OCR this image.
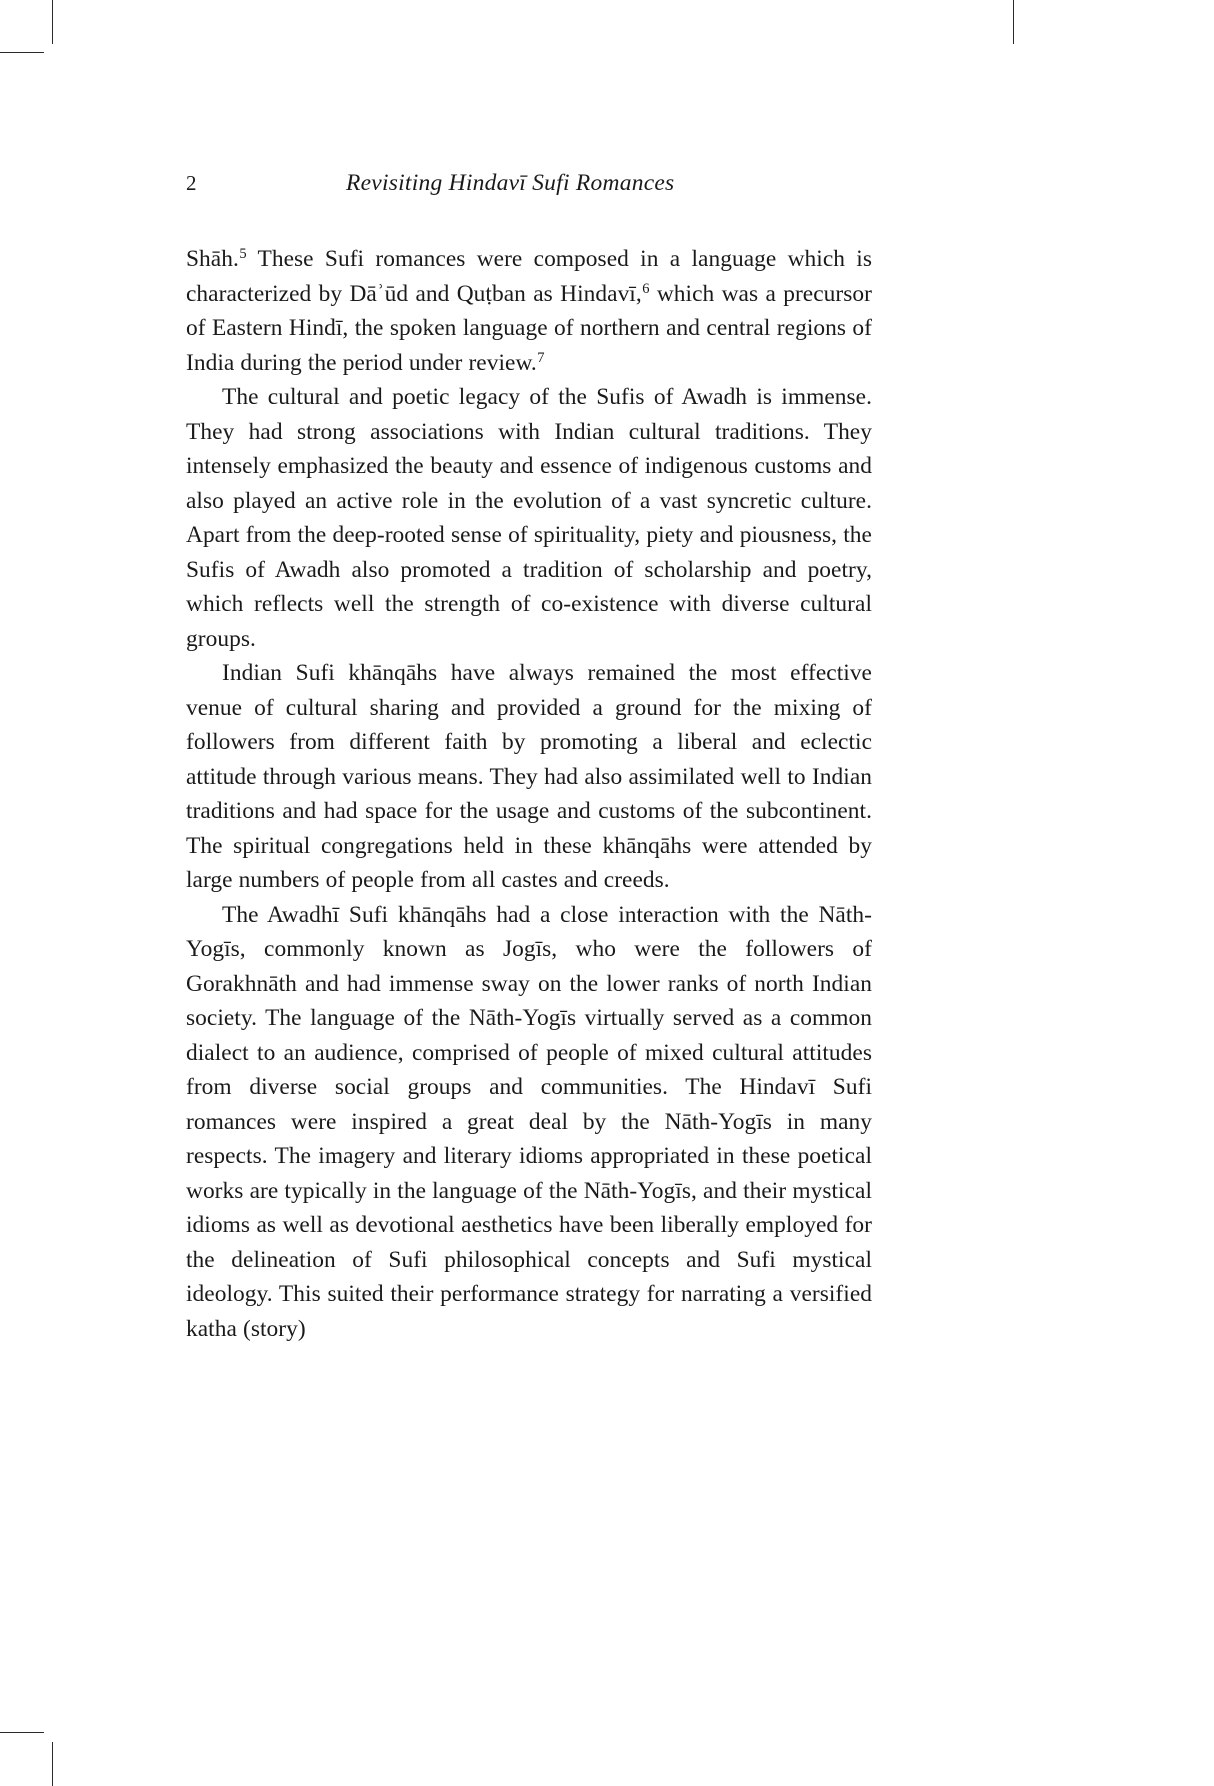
2	Revisiting Hindavī Sufi Romances

Shāh.$^5$ These Sufi romances were composed in a language which is characterized by Dāʾūd and Quṭban as Hindavī,$^6$ which was a precursor of Eastern Hindī, the spoken language of northern and central regions of India during the period under review.$^7$

The cultural and poetic legacy of the Sufis of Awadh is immense. They had strong associations with Indian cultural traditions. They intensely emphasized the beauty and essence of indigenous customs and also played an active role in the evolution of a vast syncretic culture. Apart from the deep-rooted sense of spirituality, piety and piousness, the Sufis of Awadh also promoted a tradition of scholarship and poetry, which reflects well the strength of co-existence with diverse cultural groups.

Indian Sufi khānqāhs have always remained the most effective venue of cultural sharing and provided a ground for the mixing of followers from different faith by promoting a liberal and eclectic attitude through various means. They had also assimilated well to Indian traditions and had space for the usage and customs of the subcontinent. The spiritual congregations held in these khānqāhs were attended by large numbers of people from all castes and creeds.

The Awadhī Sufi khānqāhs had a close interaction with the Nāth-Yogīs, commonly known as Jogīs, who were the followers of Gorakhnāth and had immense sway on the lower ranks of north Indian society. The language of the Nāth-Yogīs virtually served as a common dialect to an audience, comprised of people of mixed cultural attitudes from diverse social groups and communities. The Hindavī Sufi romances were inspired a great deal by the Nāth-Yogīs in many respects. The imagery and literary idioms appropriated in these poetical works are typically in the language of the Nāth-Yogīs, and their mystical idioms as well as devotional aesthetics have been liberally employed for the delineation of Sufi philosophical concepts and Sufi mystical ideology. This suited their performance strategy for narrating a versified katha (story)
